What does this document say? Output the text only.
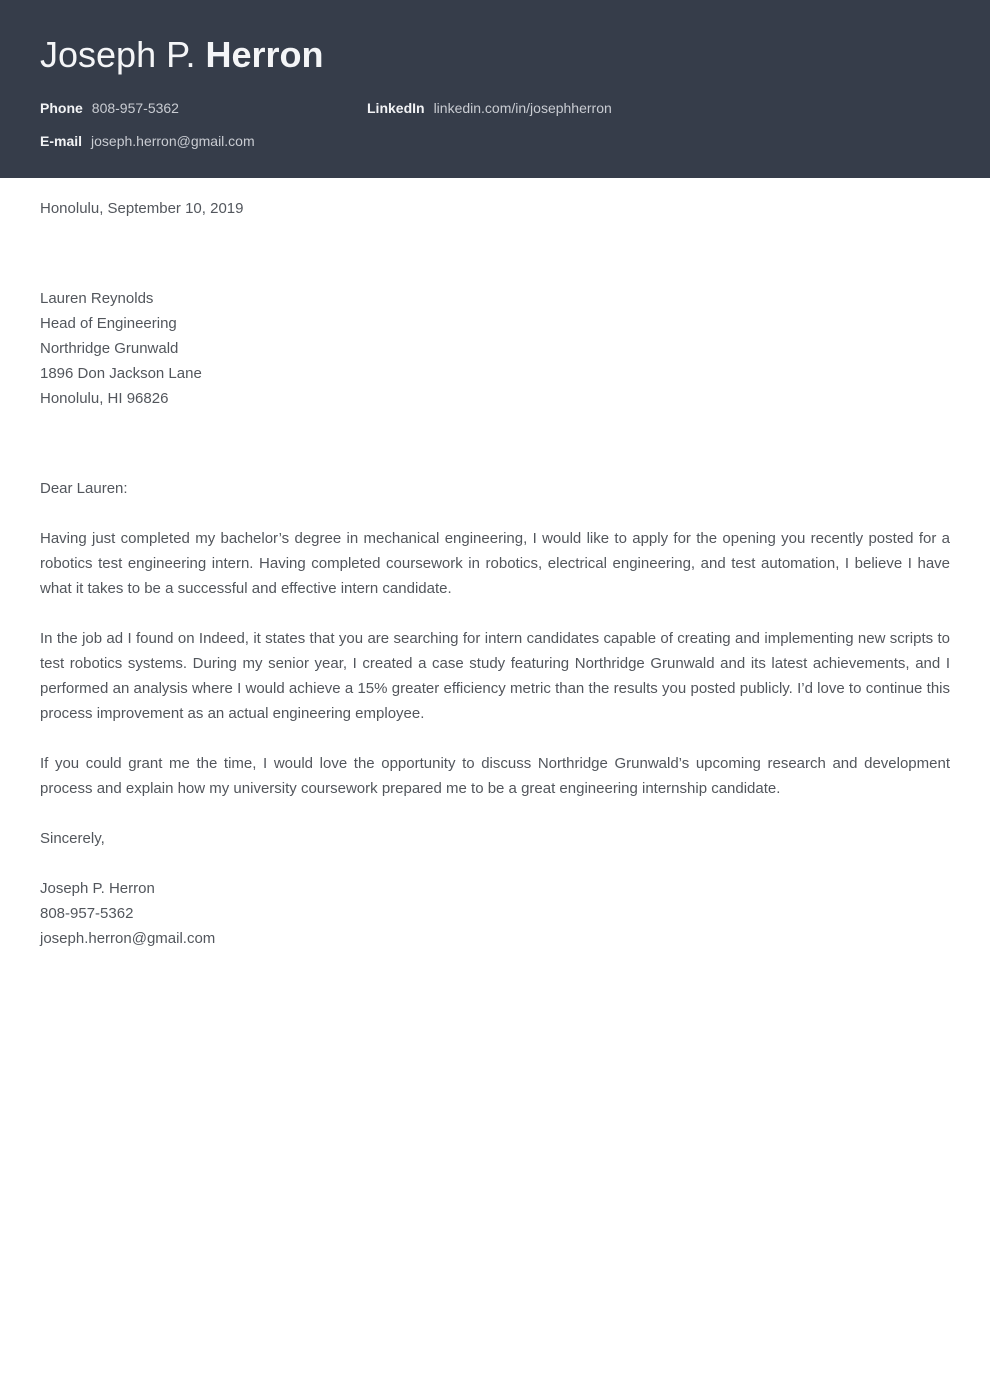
Joseph P. Herron
Phone 808-957-5362	LinkedIn linkedin.com/in/josephherron
E-mail joseph.herron@gmail.com
Honolulu, September 10, 2019
Lauren Reynolds
Head of Engineering
Northridge Grunwald
1896 Don Jackson Lane
Honolulu, HI 96826
Dear Lauren:
Having just completed my bachelor’s degree in mechanical engineering, I would like to apply for the opening you recently posted for a robotics test engineering intern. Having completed coursework in robotics, electrical engineering, and test automation, I believe I have what it takes to be a successful and effective intern candidate.
In the job ad I found on Indeed, it states that you are searching for intern candidates capable of creating and implementing new scripts to test robotics systems. During my senior year, I created a case study featuring Northridge Grunwald and its latest achievements, and I performed an analysis where I would achieve a 15% greater efficiency metric than the results you posted publicly. I’d love to continue this process improvement as an actual engineering employee.
If you could grant me the time, I would love the opportunity to discuss Northridge Grunwald’s upcoming research and development process and explain how my university coursework prepared me to be a great engineering internship candidate.
Sincerely,
Joseph P. Herron
808-957-5362
joseph.herron@gmail.com
